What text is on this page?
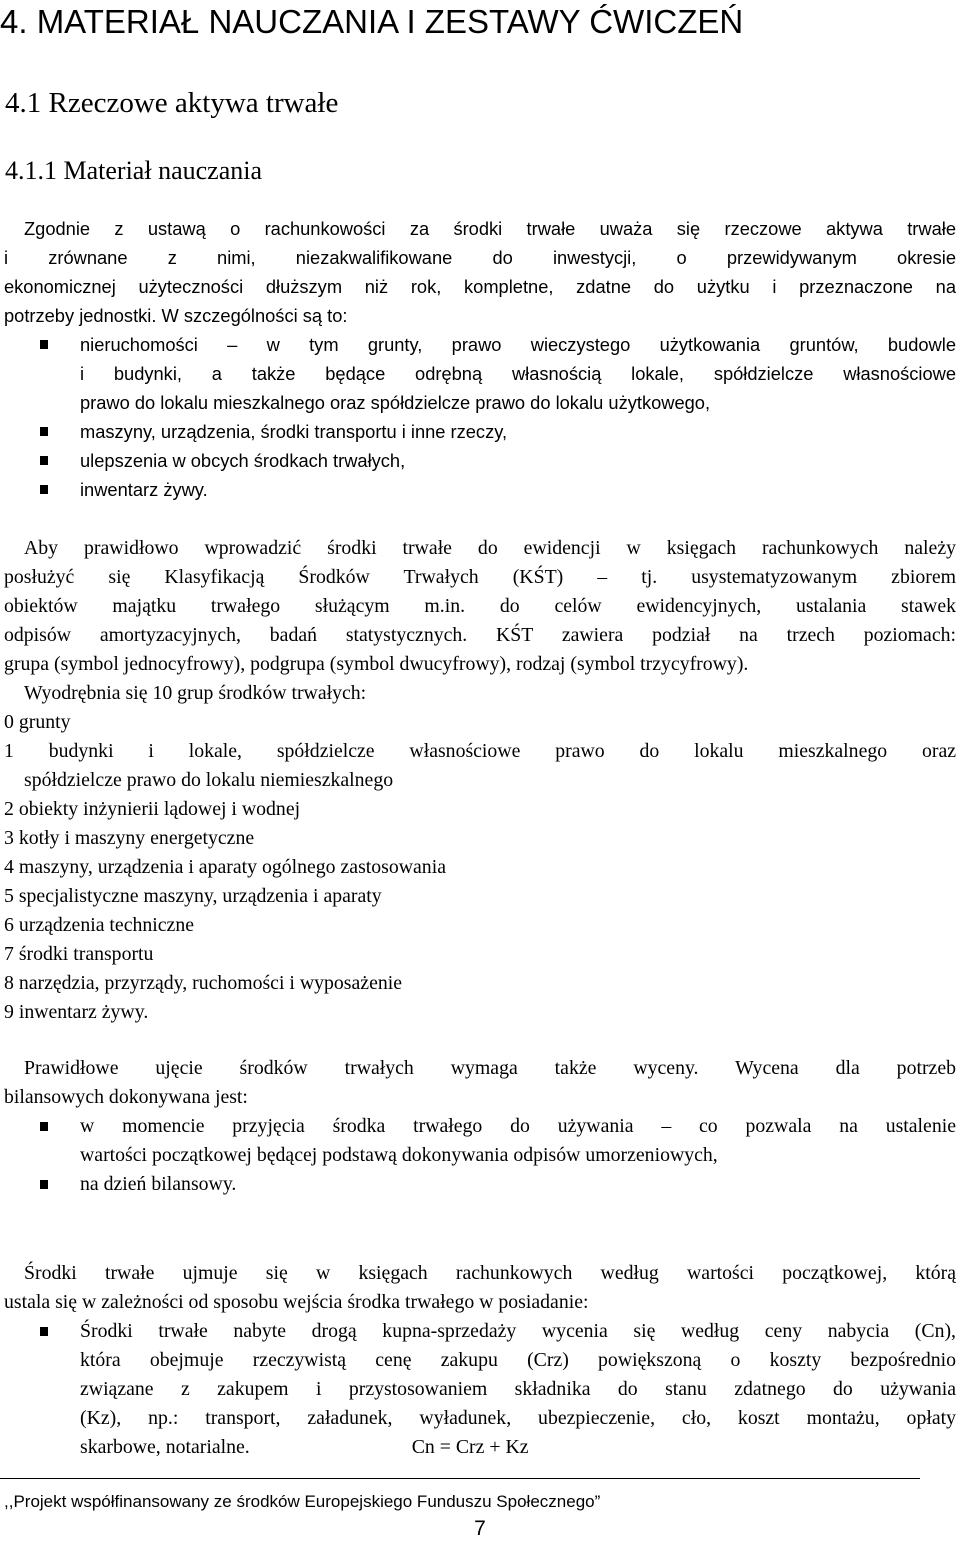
4. MATERIAŁ NAUCZANIA I ZESTAWY ĆWICZEŃ
4.1 Rzeczowe aktywa trwałe
4.1.1 Materiał nauczania
Zgodnie z ustawą o rachunkowości za środki trwałe uważa się rzeczowe aktywa trwałe
i zrównane z nimi, niezakwalifikowane do inwestycji, o przewidywanym okresie
ekonomicznej użyteczności dłuższym niż rok, kompletne, zdatne do użytku i przeznaczone na
potrzeby jednostki. W szczególności są to:
nieruchomości – w tym grunty, prawo wieczystego użytkowania gruntów, budowle
i budynki, a także będące odrębną własnością lokale, spółdzielcze własnościowe
prawo do lokalu mieszkalnego oraz spółdzielcze prawo do lokalu użytkowego,
maszyny, urządzenia, środki transportu i inne rzeczy,
ulepszenia w obcych środkach trwałych,
inwentarz żywy.
Aby prawidłowo wprowadzić środki trwałe do ewidencji w księgach rachunkowych należy
posłużyć się Klasyfikacją Środków Trwałych (KŚT) – tj. usystematyzowanym zbiorem
obiektów majątku trwałego służącym m.in. do celów ewidencyjnych, ustalania stawek
odpisów amortyzacyjnych, badań statystycznych. KŚT zawiera podział na trzech poziomach:
grupa (symbol jednocyfrowy), podgrupa (symbol dwucyfrowy), rodzaj (symbol trzycyfrowy).
Wyodrębnia się 10 grup środków trwałych:
0 grunty
1 budynki i lokale, spółdzielcze własnościowe prawo do lokalu mieszkalnego oraz
spółdzielcze prawo do lokalu niemieszkalnego
2 obiekty inżynierii lądowej i wodnej
3 kotły i maszyny energetyczne
4 maszyny, urządzenia i aparaty ogólnego zastosowania
5 specjalistyczne maszyny, urządzenia i aparaty
6 urządzenia techniczne
7 środki transportu
8 narzędzia, przyrządy, ruchomości i wyposażenie
9 inwentarz żywy.
Prawidłowe ujęcie środków trwałych wymaga także wyceny. Wycena dla potrzeb
bilansowych dokonywana jest:
w momencie przyjęcia środka trwałego do używania – co pozwala na ustalenie
wartości początkowej będącej podstawą dokonywania odpisów umorzeniowych,
na dzień bilansowy.
Środki trwałe ujmuje się w księgach rachunkowych według wartości początkowej, którą
ustala się w zależności od sposobu wejścia środka trwałego w posiadanie:
Środki trwałe nabyte drogą kupna-sprzedaży wycenia się według ceny nabycia (Cn),
która obejmuje rzeczywistą cenę zakupu (Crz) powiększoną o koszty bezpośrednio
związane z zakupem i przystosowaniem składnika do stanu zdatnego do używania
(Kz), np.: transport, załadunek, wyładunek, ubezpieczenie, cło, koszt montażu, opłaty
skarbowe, notarialne.	Cn = Crz + Kz
,,Projekt współfinansowany ze środków Europejskiego Funduszu Społecznego”
7
